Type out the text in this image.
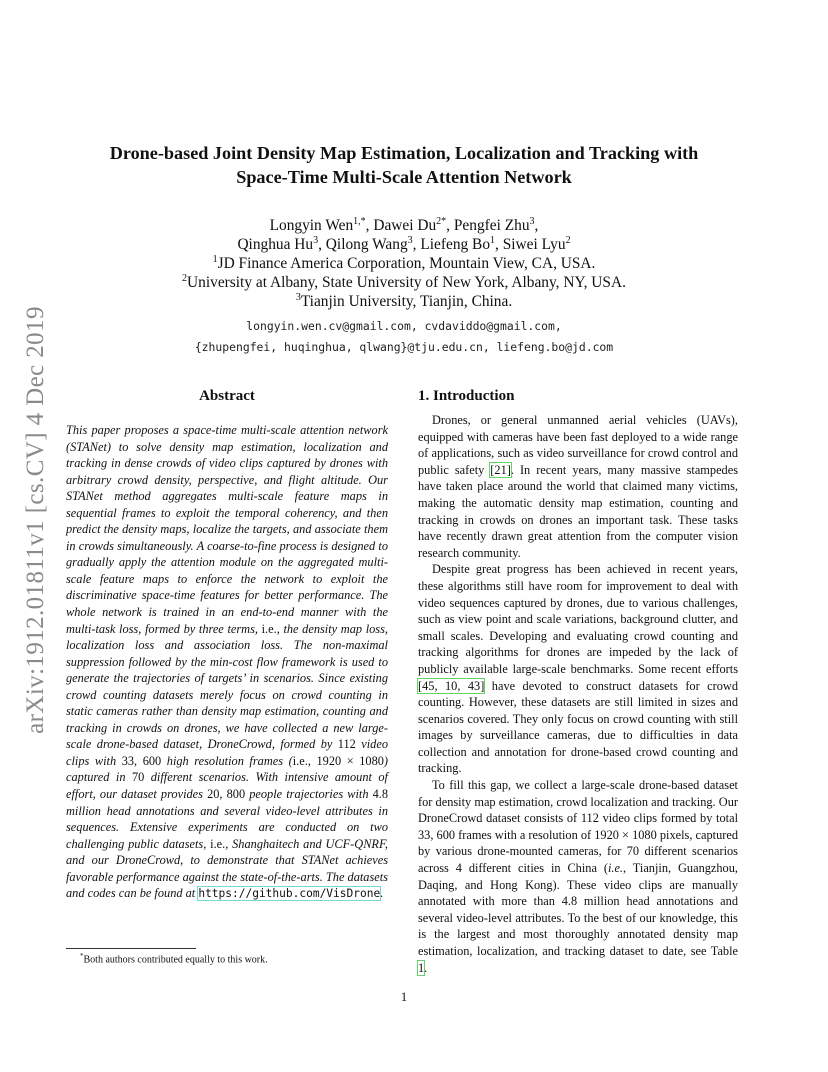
arXiv:1912.01811v1 [cs.CV] 4 Dec 2019
Drone-based Joint Density Map Estimation, Localization and Tracking with
Space-Time Multi-Scale Attention Network
Longyin Wen$^{1,*}$, Dawei $Du^{2*}$, Pengfei Zhu$^3$,
Qinghua Hu$^3$, Qilong Wang$^3$, Liefeng Bo$^1$, Siwei Lyu$^2$
$^1$JD Finance America Corporation, Mountain View, CA, USA.
$^2$University at Albany, State University of New York, Albany, NY, USA.
$^3$Tianjin University, Tianjin, China.
longyin.wen.cv@gmail.com, cvdaviddo@gmail.com,
{zhupengfei, huqinghua, qlwang}@tju.edu.cn, liefeng.bo@jd.com
Abstract
This paper proposes a space-time multi-scale attention network (STANet) to solve density map estimation, localization and tracking in dense crowds of video clips captured by drones with arbitrary crowd density, perspective, and flight altitude. Our STANet method aggregates multi-scale feature maps in sequential frames to exploit the temporal coherency, and then predict the density maps, localize the targets, and associate them in crowds simultaneously. A coarse-to-fine process is designed to gradually apply the attention module on the aggregated multi-scale feature maps to enforce the network to exploit the discriminative space-time features for better performance. The whole network is trained in an end-to-end manner with the multi-task loss, formed by three terms, i.e., the density map loss, localization loss and association loss. The non-maximal suppression followed by the min-cost flow framework is used to generate the trajectories of targets’ in scenarios. Since existing crowd counting datasets merely focus on crowd counting in static cameras rather than density map estimation, counting and tracking in crowds on drones, we have collected a new large-scale drone-based dataset, DroneCrowd, formed by 112 video clips with 33, 600 high resolution frames (i.e., 1920 × 1080) captured in 70 different scenarios. With intensive amount of effort, our dataset provides 20, 800 people trajectories with 4.8 million head annotations and several video-level attributes in sequences. Extensive experiments are conducted on two challenging public datasets, i.e., Shanghaitech and UCF-QNRF, and our DroneCrowd, to demonstrate that STANet achieves favorable performance against the state-of-the-arts. The datasets and codes can be found at https://github.com/VisDrone.
1. Introduction

Drones, or general unmanned aerial vehicles (UAVs), equipped with cameras have been fast deployed to a wide range of applications, such as video surveillance for crowd control and public safety [21]. In recent years, many massive stampedes have taken place around the world that claimed many victims, making the automatic density map estimation, counting and tracking in crowds on drones an important task. These tasks have recently drawn great attention from the computer vision research community.

Despite great progress has been achieved in recent years, these algorithms still have room for improvement to deal with video sequences captured by drones, due to various challenges, such as view point and scale variations, background clutter, and small scales. Developing and evaluating crowd counting and tracking algorithms for drones are impeded by the lack of publicly available large-scale benchmarks. Some recent efforts [45, 10, 43] have devoted to construct datasets for crowd counting. However, these datasets are still limited in sizes and scenarios covered. They only focus on crowd counting with still images by surveillance cameras, due to difficulties in data collection and annotation for drone-based crowd counting and tracking.

To fill this gap, we collect a large-scale drone-based dataset for density map estimation, crowd localization and tracking. Our DroneCrowd dataset consists of 112 video clips formed by total 33, 600 frames with a resolution of 1920 × 1080 pixels, captured by various drone-mounted cameras, for 70 different scenarios across 4 different cities in China (i.e., Tianjin, Guangzhou, Daqing, and Hong Kong). These video clips are manually annotated with more than 4.8 million head annotations and several video-level attributes. To the best of our knowledge, this is the largest and most thoroughly annotated density map estimation, localization, and tracking dataset to date, see Table 1.

*Both authors contributed equally to this work.
1
